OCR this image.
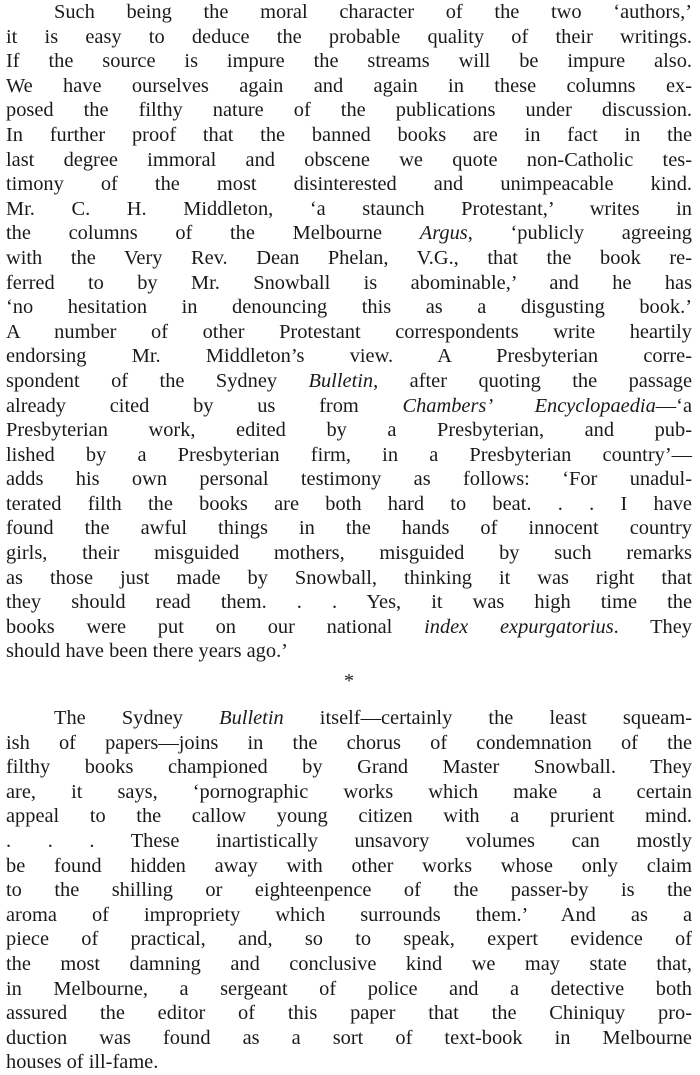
Such being the moral character of the two ‘authors,’
it is easy to deduce the probable quality of their writings.
If the source is impure the streams will be impure also.
We have ourselves again and again in these columns ex-
posed the filthy nature of the publications under discussion.
In further proof that the banned books are in fact in the
last degree immoral and obscene we quote non-Catholic tes-
timony of the most disinterested and unimpeacable kind.
Mr. C. H. Middleton, ‘a staunch Protestant,’ writes in
the columns of the Melbourne Argus, ‘publicly agreeing
with the Very Rev. Dean Phelan, V.G., that the book re-
ferred to by Mr. Snowball is abominable,’ and he has
‘no hesitation in denouncing this as a disgusting book.’
A number of other Protestant correspondents write heartily
endorsing Mr. Middleton’s view. A Presbyterian corre-
spondent of the Sydney Bulletin, after quoting the passage
already cited by us from Chambers’ Encyclopaedia—‘a
Presbyterian work, edited by a Presbyterian, and pub-
lished by a Presbyterian firm, in a Presbyterian country’—
adds his own personal testimony as follows: ‘For unadul-
terated filth the books are both hard to beat. . . I have
found the awful things in the hands of innocent country
girls, their misguided mothers, misguided by such remarks
as those just made by Snowball, thinking it was right that
they should read them. . . Yes, it was high time the
books were put on our national index expurgatorius. They
should have been there years ago.’
*
The Sydney Bulletin itself—certainly the least squeam-
ish of papers—joins in the chorus of condemnation of the
filthy books championed by Grand Master Snowball. They
are, it says, ‘pornographic works which make a certain
appeal to the callow young citizen with a prurient mind.
. . . These inartistically unsavory volumes can mostly
be found hidden away with other works whose only claim
to the shilling or eighteenpence of the passer-by is the
aroma of impropriety which surrounds them.’ And as a
piece of practical, and, so to speak, expert evidence of
the most damning and conclusive kind we may state that,
in Melbourne, a sergeant of police and a detective both
assured the editor of this paper that the Chiniquy pro-
duction was found as a sort of text-book in Melbourne
houses of ill-fame.
